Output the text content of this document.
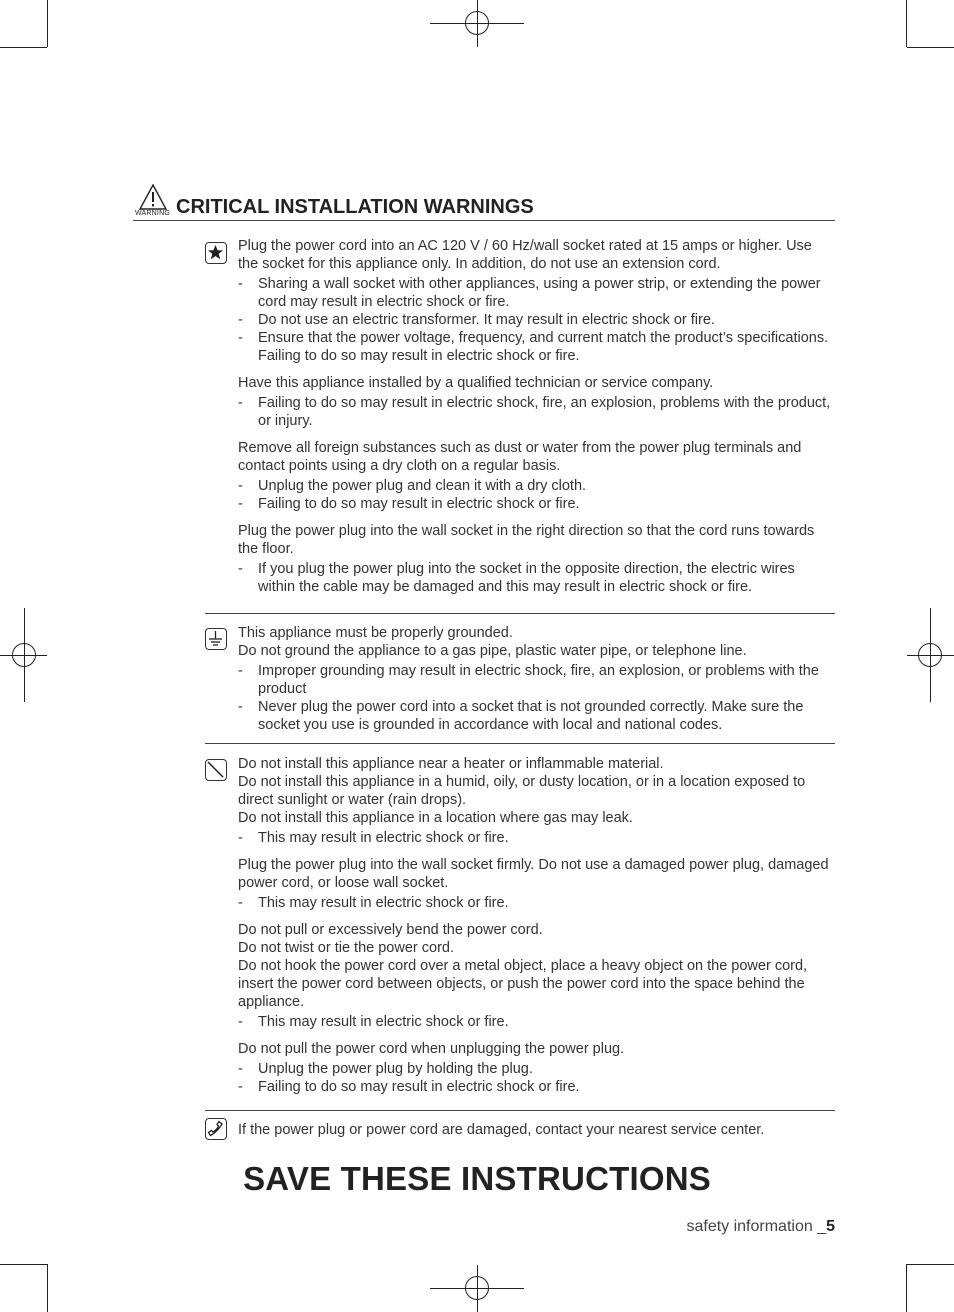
WARNING CRITICAL INSTALLATION WARNINGS
Plug the power cord into an AC 120 V / 60 Hz/wall socket rated at 15 amps or higher. Use the socket for this appliance only. In addition, do not use an extension cord.
- Sharing a wall socket with other appliances, using a power strip, or extending the power cord may result in electric shock or fire.
- Do not use an electric transformer. It may result in electric shock or fire.
- Ensure that the power voltage, frequency, and current match the product’s specifications. Failing to do so may result in electric shock or fire.
Have this appliance installed by a qualified technician or service company.
- Failing to do so may result in electric shock, fire, an explosion, problems with the product, or injury.
Remove all foreign substances such as dust or water from the power plug terminals and contact points using a dry cloth on a regular basis.
- Unplug the power plug and clean it with a dry cloth.
- Failing to do so may result in electric shock or fire.
Plug the power plug into the wall socket in the right direction so that the cord runs towards the floor.
- If you plug the power plug into the socket in the opposite direction, the electric wires within the cable may be damaged and this may result in electric shock or fire.
This appliance must be properly grounded.
Do not ground the appliance to a gas pipe, plastic water pipe, or telephone line.
- Improper grounding may result in electric shock, fire, an explosion, or problems with the product
- Never plug the power cord into a socket that is not grounded correctly. Make sure the socket you use is grounded in accordance with local and national codes.
Do not install this appliance near a heater or inflammable material.
Do not install this appliance in a humid, oily, or dusty location, or in a location exposed to direct sunlight or water (rain drops).
Do not install this appliance in a location where gas may leak.
- This may result in electric shock or fire.
Plug the power plug into the wall socket firmly. Do not use a damaged power plug, damaged power cord, or loose wall socket.
- This may result in electric shock or fire.
Do not pull or excessively bend the power cord.
Do not twist or tie the power cord.
Do not hook the power cord over a metal object, place a heavy object on the power cord, insert the power cord between objects, or push the power cord into the space behind the appliance.
- This may result in electric shock or fire.
Do not pull the power cord when unplugging the power plug.
- Unplug the power plug by holding the plug.
- Failing to do so may result in electric shock or fire.
If the power plug or power cord are damaged, contact your nearest service center.
SAVE THESE INSTRUCTIONS
safety information _5
